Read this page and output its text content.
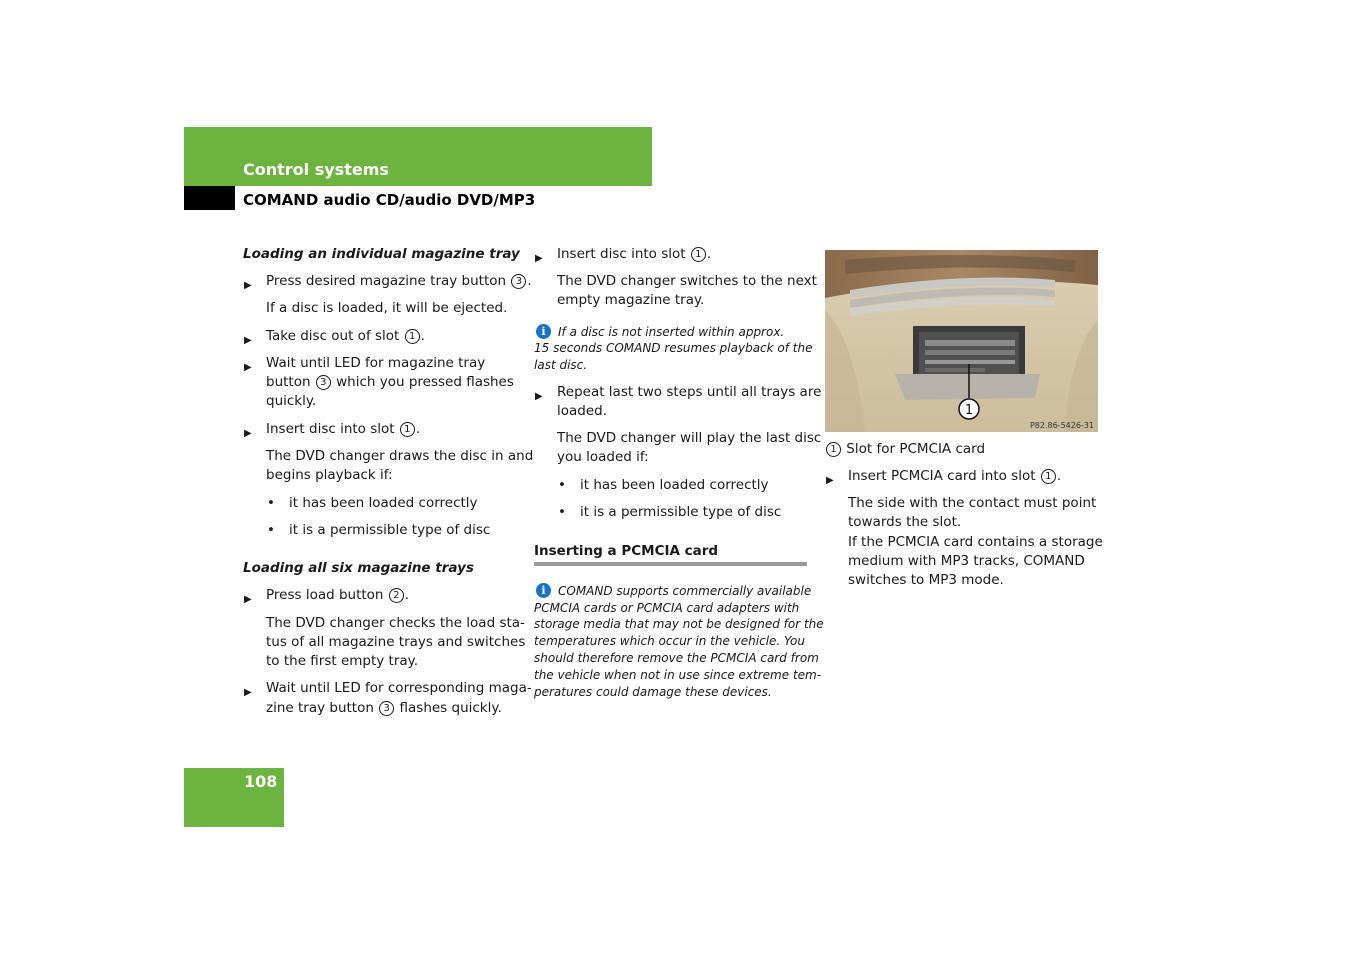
Control systems
COMAND audio CD/audio DVD/MP3
Loading an individual magazine tray
▶ Press desired magazine tray button 3 .
If a disc is loaded, it will be ejected.
▶ Take disc out of slot 1 .
▶ Wait until LED for magazine tray
button 3 which you pressed flashes
quickly.
▶ Insert disc into slot 1 .
The DVD changer draws the disc in and
begins playback if:
• it has been loaded correctly
• it is a permissible type of disc
Loading all six magazine trays
▶ Press load button 2 .
The DVD changer checks the load sta-
tus of all magazine trays and switches
to the first empty tray.
▶ Wait until LED for corresponding maga-
zine tray button 3 flashes quickly.
▶ Insert disc into slot 1 .
The DVD changer switches to the next
empty magazine tray.
i	If a disc is not inserted within approx.
15 seconds COMAND resumes playback of the
last disc.
▶ Repeat last two steps until all trays are
loaded.
The DVD changer will play the last disc
you loaded if:
• it has been loaded correctly
• it is a permissible type of disc
Inserting a PCMCIA card
i	COMAND supports commercially available
PCMCIA cards or PCMCIA card adapters with
storage media that may not be designed for the
temperatures which occur in the vehicle. You
should therefore remove the PCMCIA card from
the vehicle when not in use since extreme tem-
peratures could damage these devices.
1
P82.86-5426-31
1 Slot for PCMCIA card
▶ Insert PCMCIA card into slot 1 .
The side with the contact must point
towards the slot.
If the PCMCIA card contains a storage
medium with MP3 tracks, COMAND
switches to MP3 mode.
108
